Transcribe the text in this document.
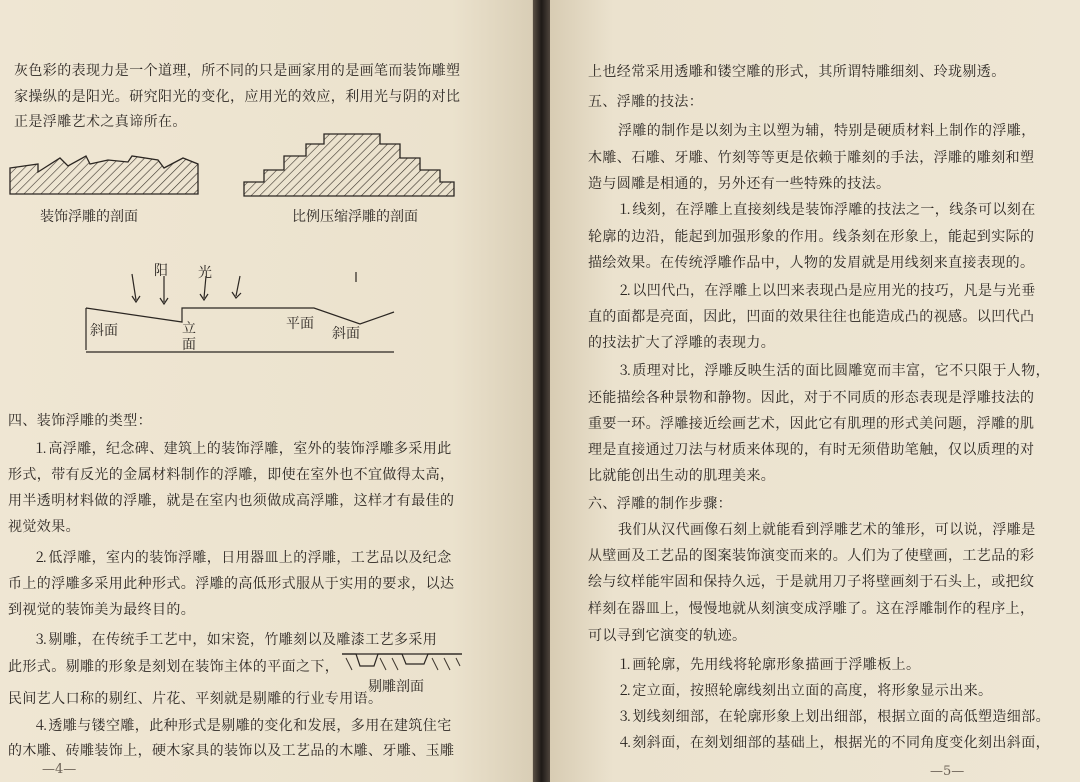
灰色彩的表现力是一个道理，所不同的只是画家用的是画笔而装饰雕塑
家操纵的是阳光。研究阳光的变化，应用光的效应，利用光与阴的对比
正是浮雕艺术之真谛所在。
装饰浮雕的剖面	比例压缩浮雕的剖面
阳 光
斜面	立
面
平面
斜面
四、装饰浮雕的类型：
⒈高浮雕，纪念碑、建筑上的装饰浮雕，室外的装饰浮雕多采用此
形式，带有反光的金属材料制作的浮雕，即使在室外也不宜做得太高，
用半透明材料做的浮雕，就是在室内也须做成高浮雕，这样才有最佳的
视觉效果。
⒉低浮雕，室内的装饰浮雕，日用器皿上的浮雕，工艺品以及纪念
币上的浮雕多采用此种形式。浮雕的高低形式服从于实用的要求，以达
到视觉的装饰美为最终目的。
⒊剔雕，在传统手工艺中，如宋瓷，竹雕刻以及雕漆工艺多采用
此形式。剔雕的形象是刻划在装饰主体的平面之下，
剔雕剖面
民间艺人口称的剔红、片花、平刻就是剔雕的行业专用语。
⒋透雕与镂空雕，此种形式是剔雕的变化和发展，多用在建筑住宅
的木雕、砖雕装饰上，硬木家具的装饰以及工艺品的木雕、牙雕、玉雕
—4—
上也经常采用透雕和镂空雕的形式，其所谓特雕细刻、玲珑剔透。
五、浮雕的技法：
浮雕的制作是以刻为主以塑为辅，特别是硬质材料上制作的浮雕，
木雕、石雕、牙雕、竹刻等等更是依赖于雕刻的手法，浮雕的雕刻和塑
造与圆雕是相通的，另外还有一些特殊的技法。
⒈线刻，在浮雕上直接刻线是装饰浮雕的技法之一，线条可以刻在
轮廓的边沿，能起到加强形象的作用。线条刻在形象上，能起到实际的
描绘效果。在传统浮雕作品中，人物的发眉就是用线刻来直接表现的。
⒉以凹代凸，在浮雕上以凹来表现凸是应用光的技巧，凡是与光垂
直的面都是亮面，因此，凹面的效果往往也能造成凸的视感。以凹代凸
的技法扩大了浮雕的表现力。
⒊质理对比，浮雕反映生活的面比圆雕宽而丰富，它不只限于人物，
还能描绘各种景物和静物。因此，对于不同质的形态表现是浮雕技法的
重要一环。浮雕接近绘画艺术，因此它有肌理的形式美问题，浮雕的肌
理是直接通过刀法与材质来体现的，有时无须借助笔触，仅以质理的对
比就能创出生动的肌理美来。
六、浮雕的制作步骤：
我们从汉代画像石刻上就能看到浮雕艺术的雏形，可以说，浮雕是
从壁画及工艺品的图案装饰演变而来的。人们为了使壁画，工艺品的彩
绘与纹样能牢固和保持久远，于是就用刀子将壁画刻于石头上，或把纹
样刻在器皿上，慢慢地就从刻演变成浮雕了。这在浮雕制作的程序上，
可以寻到它演变的轨迹。
⒈画轮廓，先用线将轮廓形象描画于浮雕板上。
⒉定立面，按照轮廓线刻出立面的高度，将形象显示出来。
⒊划线刻细部，在轮廓形象上划出细部，根据立面的高低塑造细部。
⒋刻斜面，在刻划细部的基础上，根据光的不同角度变化刻出斜面，
—5—
